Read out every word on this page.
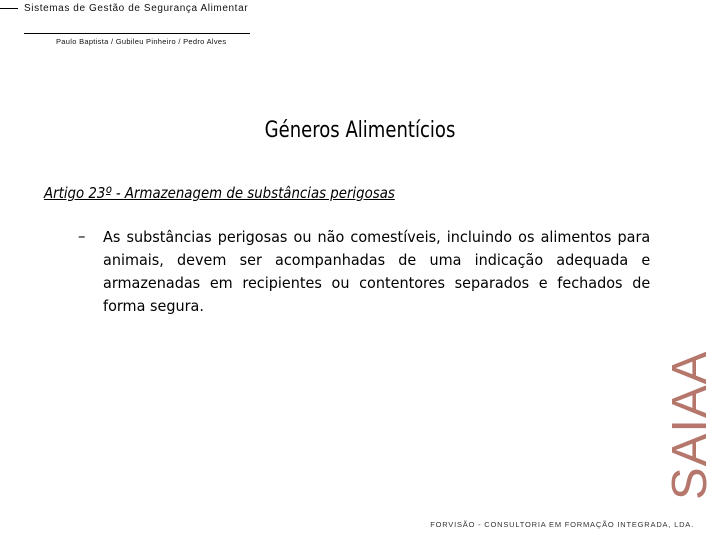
Sistemas de Gestão de Segurança Alimentar
Paulo Baptista / Gubileu Pinheiro / Pedro Alves
Géneros Alimentícios
Artigo 23º - Armazenagem de substâncias perigosas
– As substâncias perigosas ou não comestíveis, incluindo os alimentos para animais, devem ser acompanhadas de uma indicação adequada e armazenadas em recipientes ou contentores separados e fechados de forma segura.
SAIAA
FORVISÃO - CONSULTORIA EM FORMAÇÃO INTEGRADA, LDA.
